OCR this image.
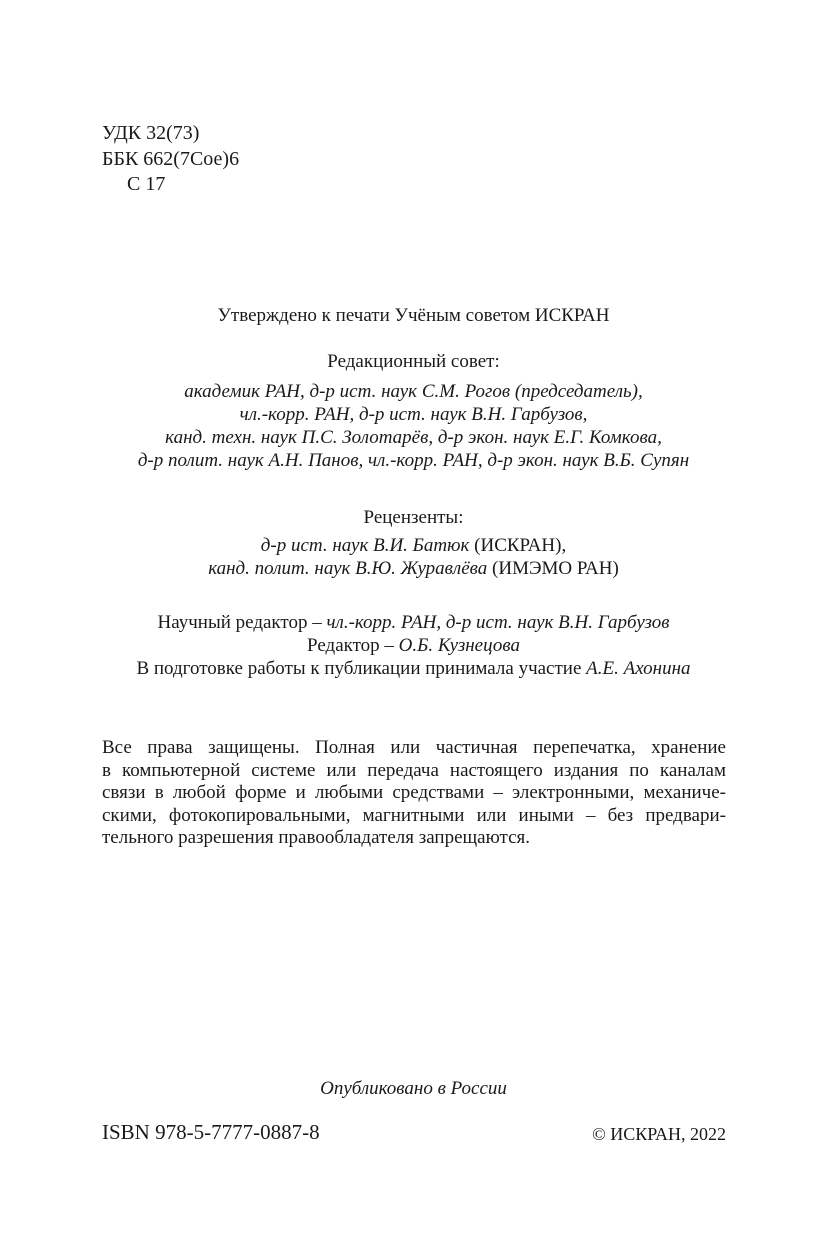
УДК 32(73)
ББК 662(7Сое)6
С 17
Утверждено к печати Учёным советом ИСКРАН
Редакционный совет:
академик РАН, д-р ист. наук С.М. Рогов (председатель),
чл.-корр. РАН, д-р ист. наук В.Н. Гарбузов,
канд. техн. наук П.С. Золотарёв, д-р экон. наук Е.Г. Комкова,
д-р полит. наук А.Н. Панов, чл.-корр. РАН, д-р экон. наук В.Б. Супян
Рецензенты:
д-р ист. наук В.И. Батюк (ИСКРАН),
канд. полит. наук В.Ю. Журавлёва (ИМЭМО РАН)
Научный редактор – чл.-корр. РАН, д-р ист. наук В.Н. Гарбузов
Редактор – О.Б. Кузнецова
В подготовке работы к публикации принимала участие А.Е. Ахонина
Все права защищены. Полная или частичная перепечатка, хранение
в компьютерной системе или передача настоящего издания по каналам
связи в любой форме и любыми средствами – электронными, механиче-
скими, фотокопировальными, магнитными или иными – без предвари-
тельного разрешения правообладателя запрещаются.
Опубликовано в России
ISBN 978-5-7777-0887-8	© ИСКРАН, 2022
